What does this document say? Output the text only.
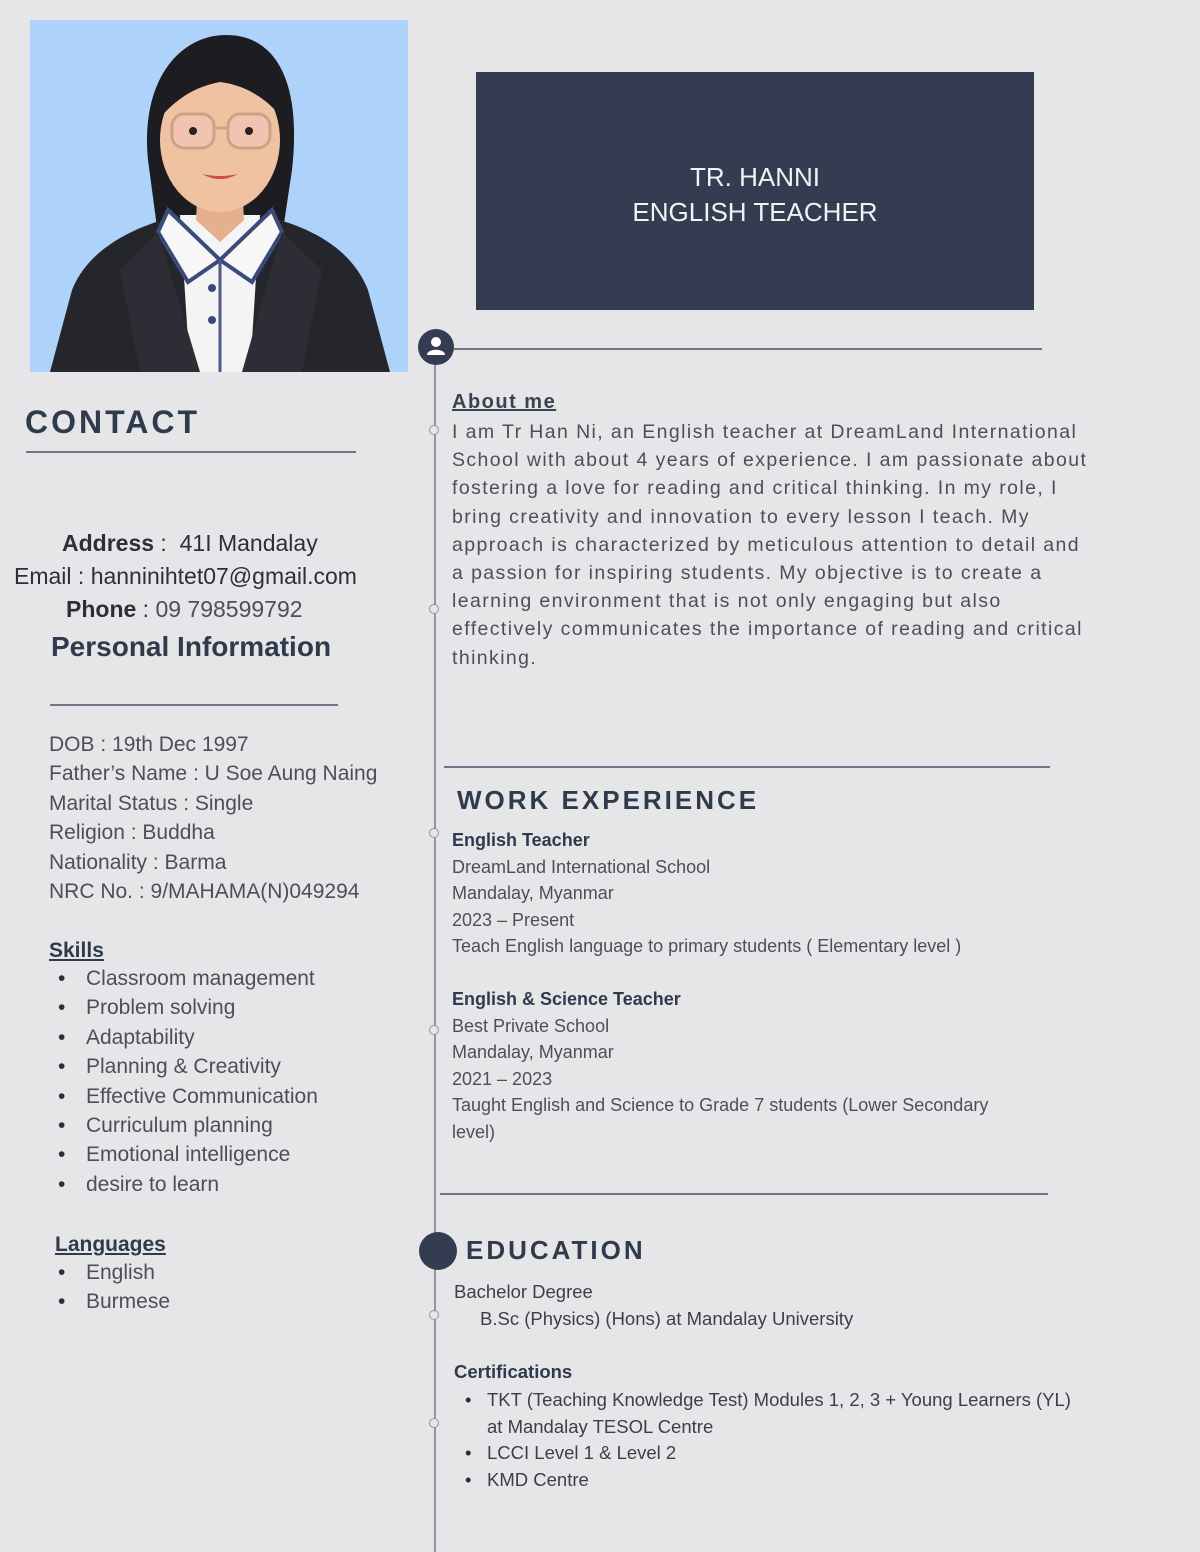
TR. HANNI
ENGLISH TEACHER
CONTACT
Address :  41I Mandalay
Email : hanninihtet07@gmail.com
Phone : 09 798599792
Personal Information
DOB : 19th Dec 1997
Father’s Name : U Soe Aung Naing
Marital Status : Single
Religion : Buddha
Nationality : Barma
NRC No. : 9/MAHAMA(N)049294
Skills
• Classroom management
• Problem solving
• Adaptability
• Planning & Creativity
• Effective Communication
• Curriculum planning
• Emotional intelligence
• desire to learn
Languages
• English
• Burmese
About me

I am Tr Han Ni, an English teacher at DreamLand International School with about 4 years of experience. I am passionate about fostering a love for reading and critical thinking. In my role, I bring creativity and innovation to every lesson I teach. My approach is characterized by meticulous attention to detail and a passion for inspiring students. My objective is to create a learning environment that is not only engaging but also effectively communicates the importance of reading and critical thinking.

WORK EXPERIENCE
English Teacher
DreamLand International School
Mandalay, Myanmar
2023 – Present
Teach English language to primary students ( Elementary level )
English & Science Teacher
Best Private School
Mandalay, Myanmar
2021 – 2023
Taught English and Science to Grade 7 students (Lower Secondary
level)
EDUCATION
Bachelor Degree
B.Sc (Physics) (Hons) at Mandalay University
Certifications
• TKT (Teaching Knowledge Test) Modules 1, 2, 3 + Young Learners (YL) at Mandalay TESOL Centre
• LCCI Level 1 & Level 2
• KMD Centre
